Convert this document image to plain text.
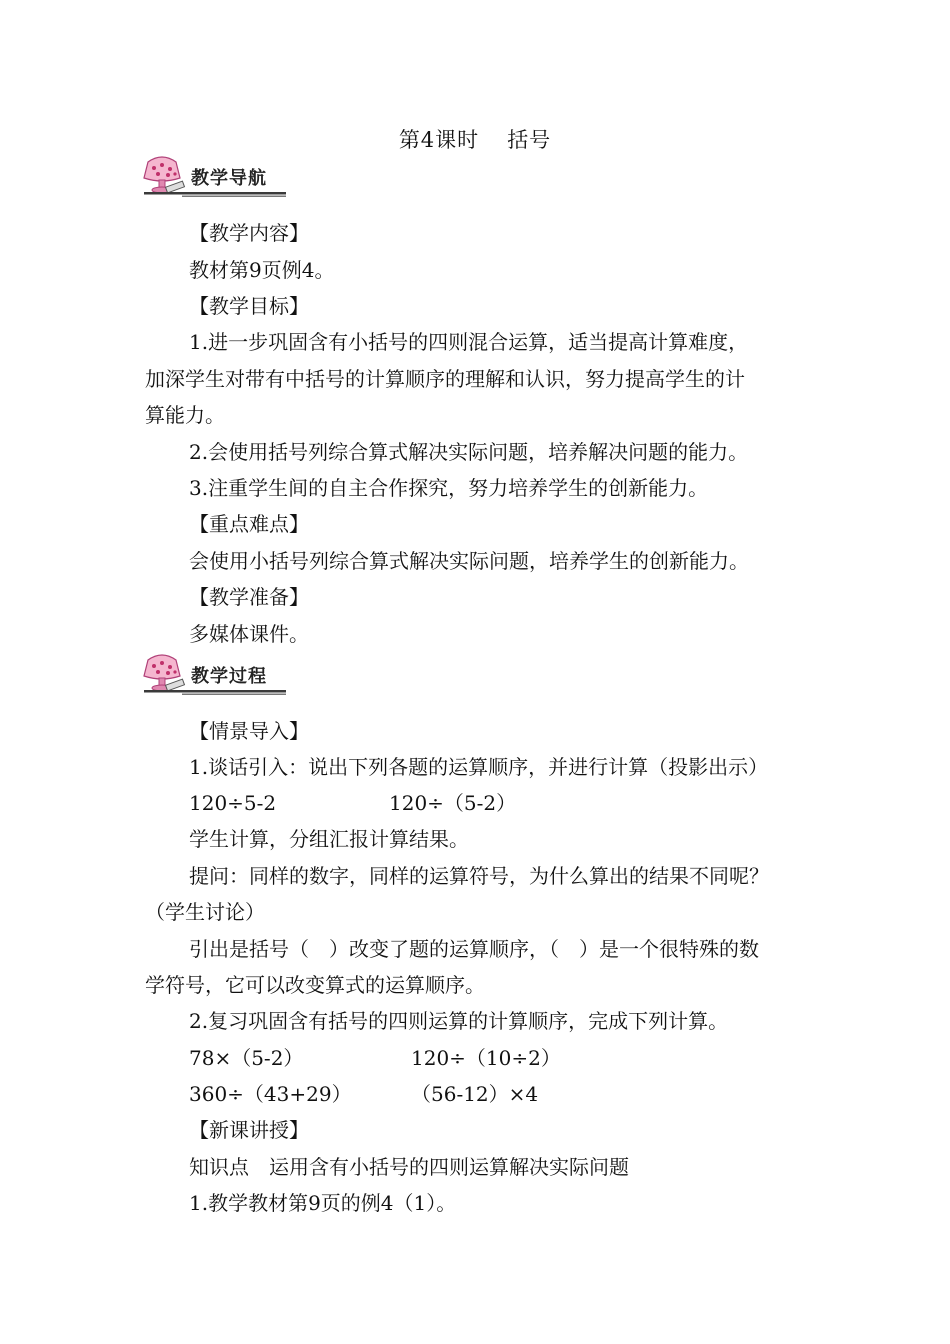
第4课时 括号
教学导航
【教学内容】
教材第9页例4。
【教学目标】
1.进一步巩固含有小括号的四则混合运算，适当提高计算难度，
加深学生对带有中括号的计算顺序的理解和认识，努力提高学生的计
算能力。
2.会使用括号列综合算式解决实际问题，培养解决问题的能力。
3.注重学生间的自主合作探究，努力培养学生的创新能力。
【重点难点】
会使用小括号列综合算式解决实际问题，培养学生的创新能力。
【教学准备】
多媒体课件。
教学过程
【情景导入】
1.谈话引入：说出下列各题的运算顺序，并进行计算（投影出示）
120÷5-2	120÷（5-2）
学生计算，分组汇报计算结果。
提问：同样的数字，同样的运算符号，为什么算出的结果不同呢？
（学生讨论）
引出是括号（　）改变了题的运算顺序，（　）是一个很特殊的数
学符号，它可以改变算式的运算顺序。
2.复习巩固含有括号的四则运算的计算顺序，完成下列计算。
78×（5-2）	120÷（10÷2）
360÷（43+29）	（56-12）×4
【新课讲授】
知识点　运用含有小括号的四则运算解决实际问题
1.教学教材第9页的例4（1）。
